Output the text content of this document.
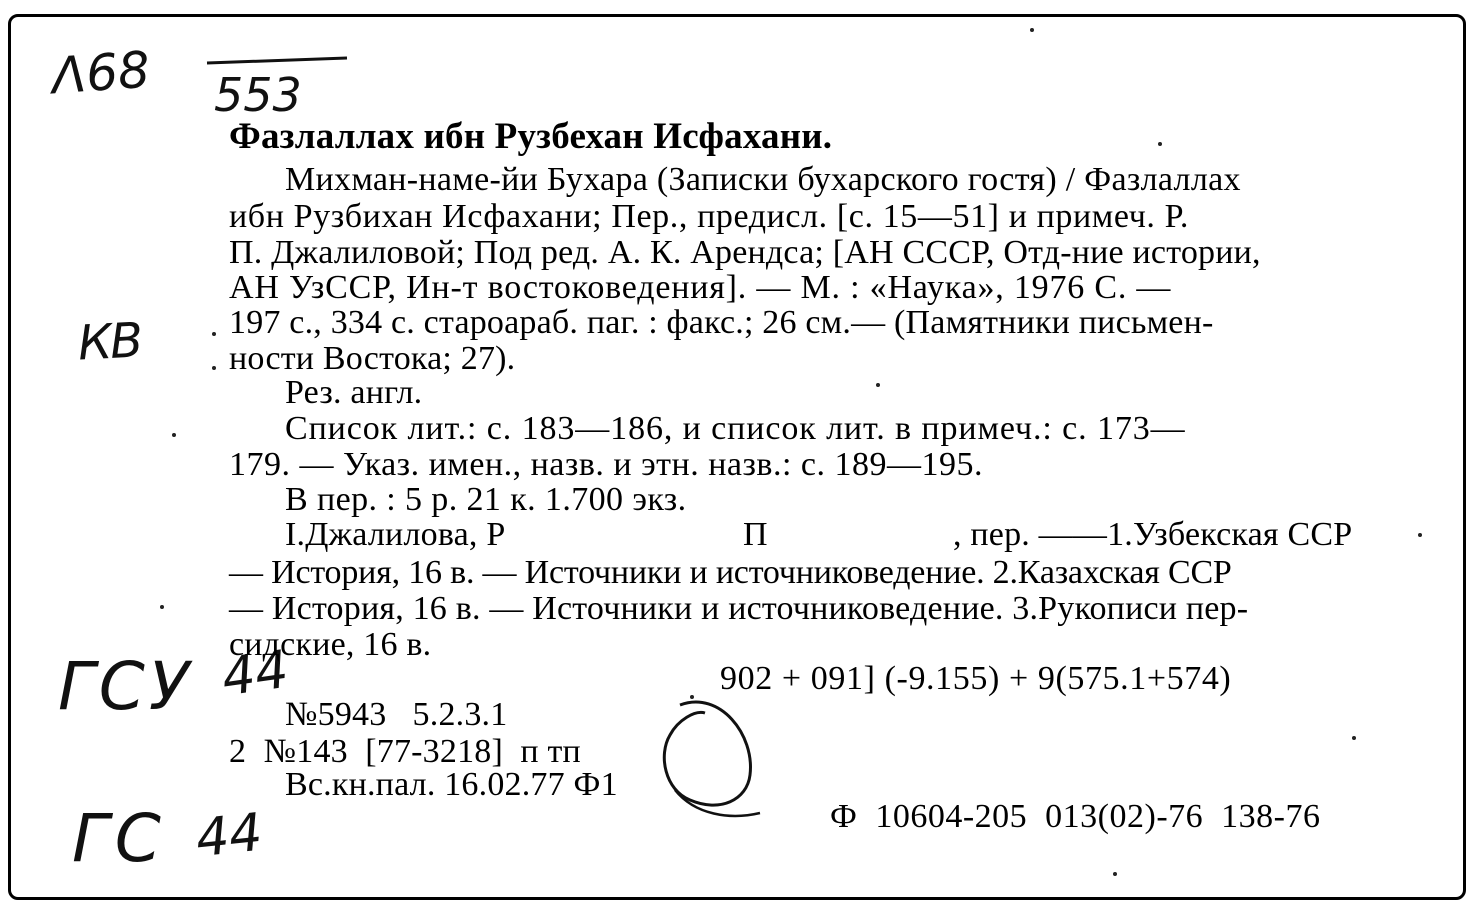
Λ68 553
КВ
ГСУ 44
ГС 44
Фазлаллах ибн Рузбехан Исфахани.
Михман-наме-йи Бухара (Записки бухарского гостя) / Фазлаллах
ибн Рузбихан Исфахани; Пер., предисл. [с. 15—51] и примеч. Р.
П. Джалиловой; Под ред. А. К. Арендса; [АН СССР, Отд-ние истории,
АН УзССР, Ин-т востоковедения]. — М. : «Наука», 1976 С. —
197 с., 334 с. староараб. паг. : факс.; 26 см.— (Памятники письмен-
ности Востока; 27).
Рез. англ.
Список лит.: с. 183—186, и список лит. в примеч.: с. 173—
179. — Указ. имен., назв. и этн. назв.: с. 189—195.
В пер. : 5 р. 21 к. 1.700 экз.
I.Джалилова, Р	П	, пер. ——1.Узбекская ССР
— История, 16 в. — Источники и источниковедение. 2.Казахская ССР
— История, 16 в. — Источники и источниковедение. 3.Рукописи пер-
сидские, 16 в.
902 + 091] (-9.155) + 9(575.1+574)
№5943   5.2.3.1
2  №143  [77-3218]  п тп
Вс.кн.пал. 16.02.77 Ф1
Ф  10604-205  013(02)-76  138-76
